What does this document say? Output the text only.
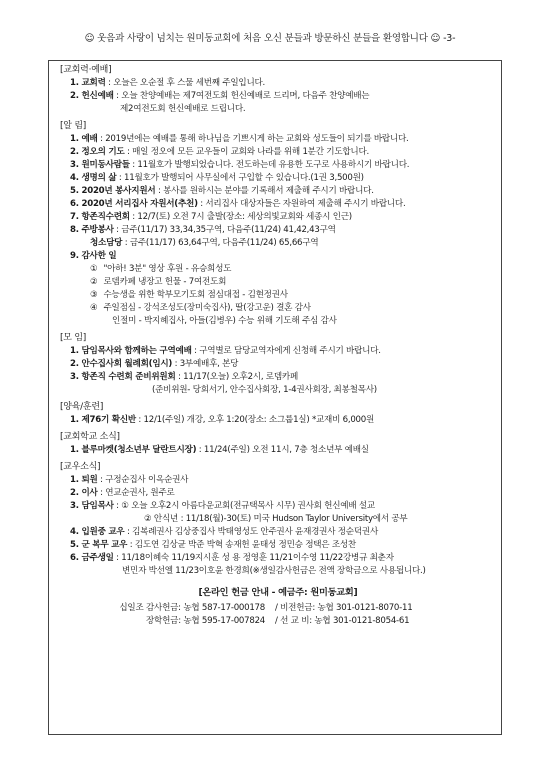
☺ 웃음과 사랑이 넘치는 원미동교회에 처음 오신 분들과 방문하신 분들을 환영합니다 ☺ -3-
[교회력·예배]
1. 교회력 : 오늘은 오순절 후 스물 세번째 주일입니다.
2. 헌신예배 : 오늘 찬양예배는 제7여전도회 헌신예배로 드리며, 다음주 찬양예배는
제2여전도회 헌신예배로 드립니다.
[알 림]
1. 예배 : 2019년에는 예배를 통해 하나님을 기쁘시게 하는 교회와 성도들이 되기를 바랍니다.
2. 정오의 기도 : 매일 정오에 모든 교우들이 교회와 나라를 위해 1분간 기도합니다.
3. 원미동사람들 : 11월호가 발행되었습니다. 전도하는데 유용한 도구로 사용하시기 바랍니다.
4. 생명의 삶 : 11월호가 발행되어 사무실에서 구입할 수 있습니다.(1권 3,500원)
5. 2020년 봉사지원서 : 봉사를 원하시는 분야를 기록해서 제출해 주시기 바랍니다.
6. 2020년 서리집사 자원서(추천) : 서리집사 대상자들은 자원하여 제출해 주시기 바랍니다.
7. 항존직수련회 : 12/7(토) 오전 7시 출발(장소: 세상의빛교회와 세종시 인근)
8. 주방봉사 : 금주(11/17) 33,34,35구역, 다음주(11/24) 41,42,43구역
청소담당 : 금주(11/17) 63,64구역, 다음주(11/24) 65,66구역
9. 감사한 일
① "아하! 3분" 영상 후원 - 유승희성도
② 로뎀카페 냉장고 헌물 - 7여전도회
③ 수능생을 위한 학부모기도회 점심대접 - 김현정권사
④ 주일점심 - 강석조성도(장미숙집사), 딸(강고운) 결혼 감사
인절미 - 박지혜집사, 아들(김병우) 수능 위해 기도해 주심 감사
[모 임]
1. 담임목사와 함께하는 구역예배 : 구역별로 담당교역자에게 신청해 주시기 바랍니다.
2. 안수집사회 월례회(임시) : 3부예배후, 본당
3. 항존직 수련회 준비위원회 : 11/17(오늘) 오후2시, 로뎀카페
(준비위원- 당회서기, 안수집사회장, 1-4권사회장, 최봉철목사)
[양육/훈련]
1. 제76기 확신반 : 12/1(주일) 개강, 오후 1:20(장소: 소그룹1실) *교재비 6,000원
[교회학교 소식]
1. 블루마켓(청소년부 달란트시장) : 11/24(주일) 오전 11시, 7층 청소년부 예배실
[교우소식]
1. 퇴원 : 구정순집사 이옥순권사
2. 이사 : 연교순권사, 원주로
3. 담임목사 : ① 오늘 오후2시 아름다운교회(전규택목사 시무) 권사회 헌신예배 설교
② 안식년 : 11/18(월)-30(토) 미국 Hudson Taylor University에서 공부
4. 입원중 교우 : 김복례권사 김상중집사 박태영성도 안주권사 윤재경권사 정순덕권사
5. 군 복무 교우 : 김도연 김상균 박준 박혁 송재헌 윤태성 정민승 정택은 조성찬
6. 금주생일 : 11/18이혜숙 11/19지시훈 성 용 정영훈 11/21이수영 11/22강병규 최춘자
변민자 박선엘 11/23이호윤 한경희(※생일감사헌금은 전액 장학금으로 사용됩니다.)
[온라인 헌금 안내 - 예금주: 원미동교회]
십일조 감사헌금: 농협 587-17-000178	/ 비전헌금: 농협 301-0121-8070-11
장학헌금: 농협 595-17-007824	/ 선 교 비: 농협 301-0121-8054-61
